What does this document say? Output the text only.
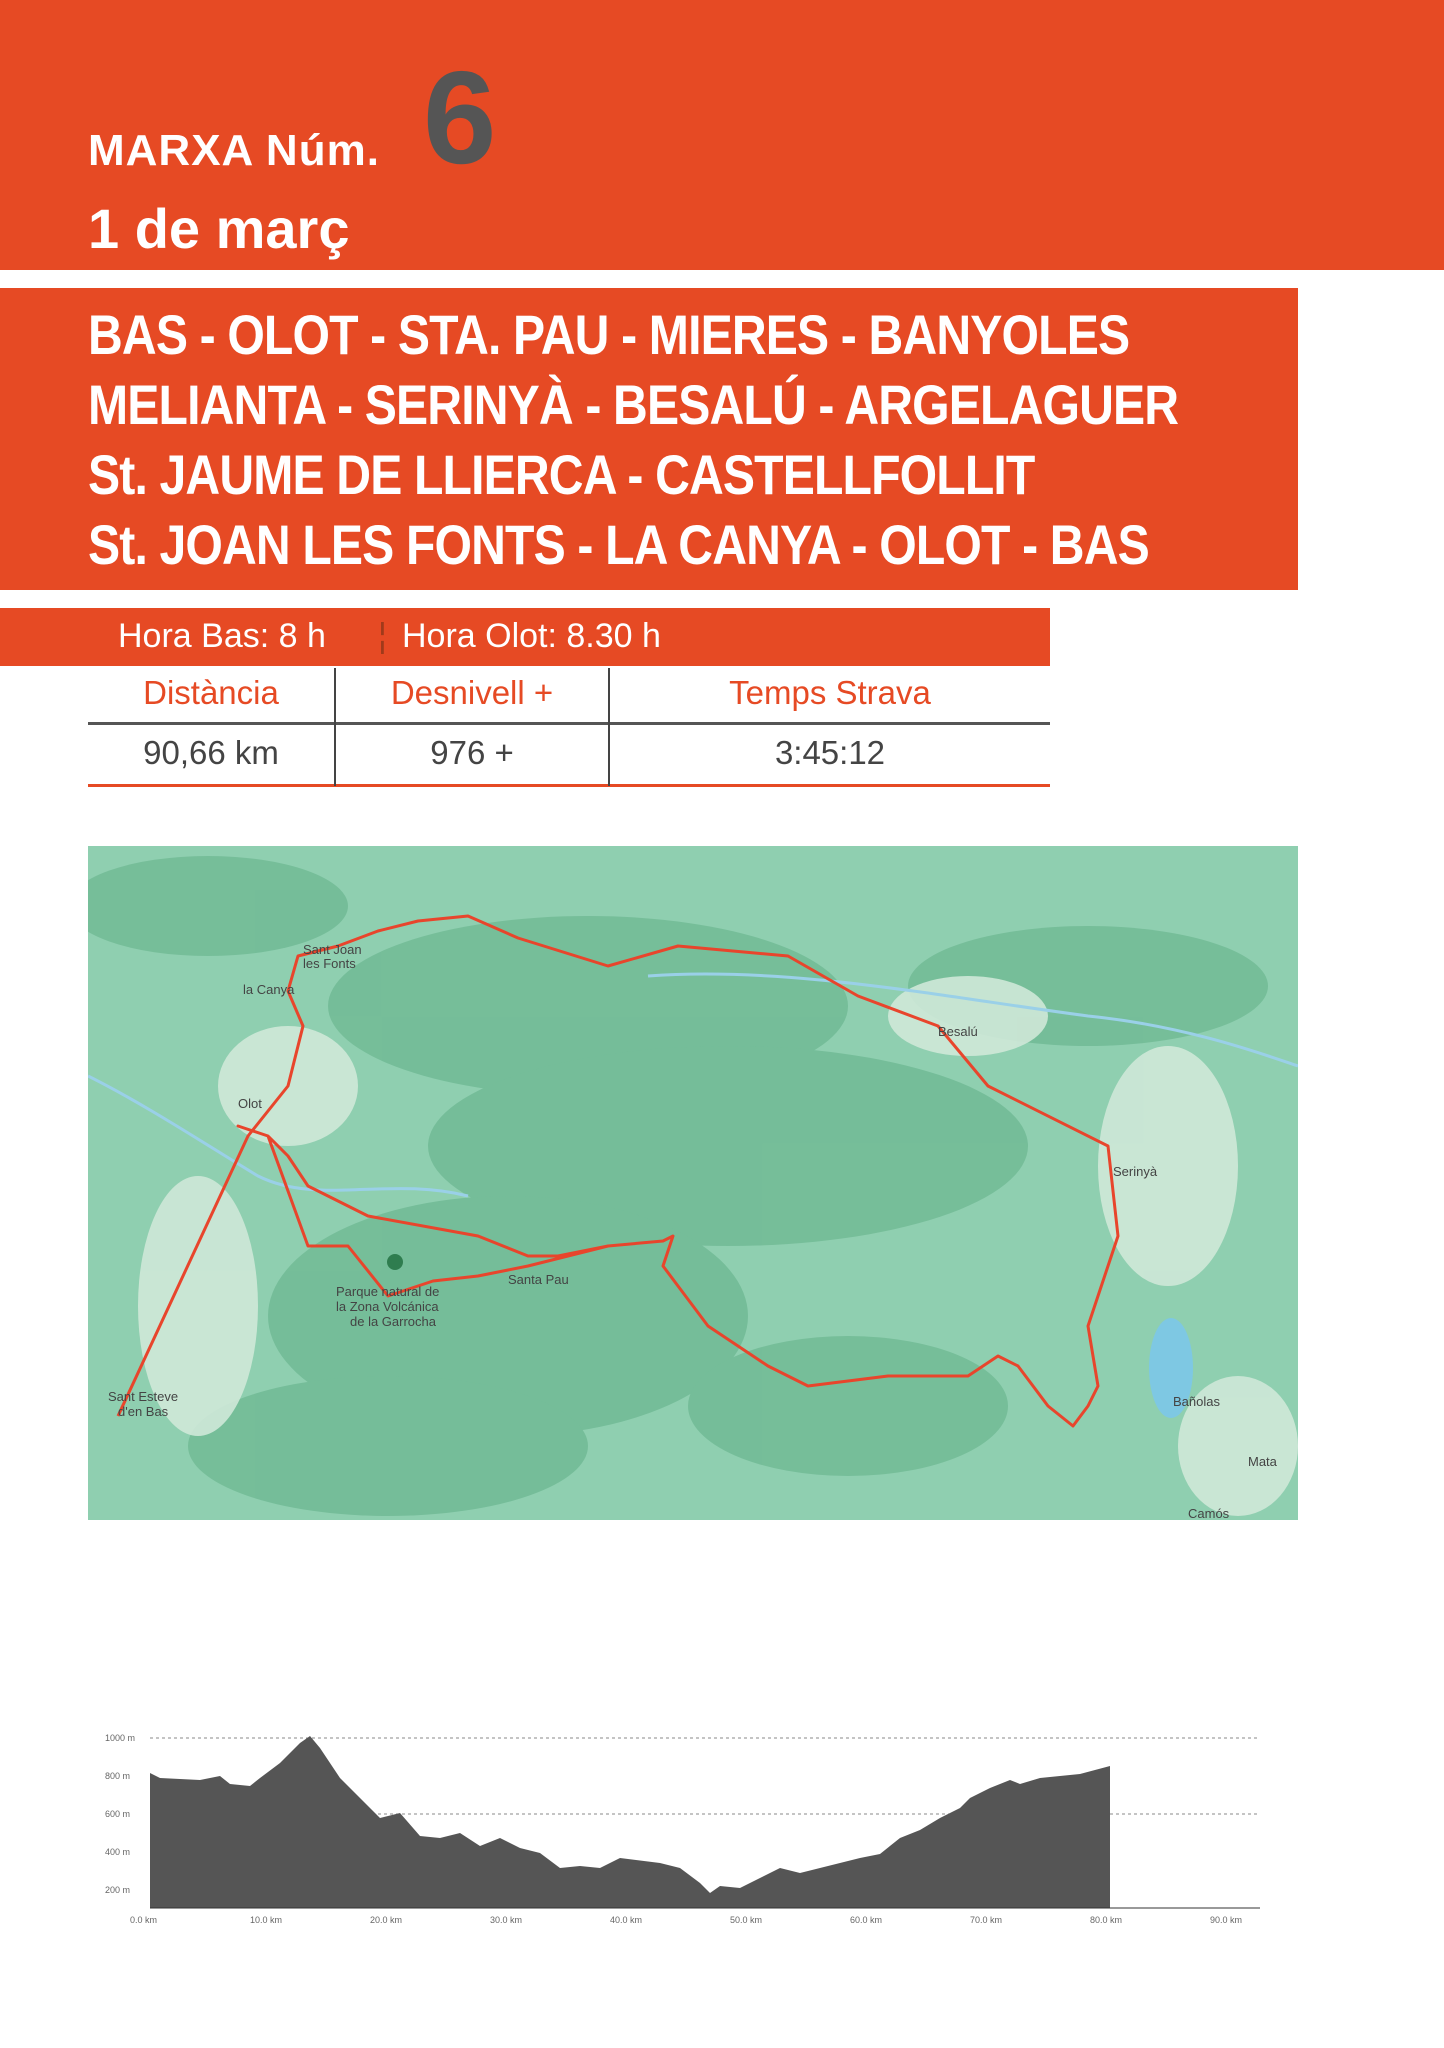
MARXA Núm. 6
1 de març
BAS - OLOT - STA. PAU - MIERES - BANYOLES
MELIANTA - SERINYÀ - BESALÚ - ARGELAGUER
St. JAUME DE LLIERCA - CASTELLFOLLIT
St. JOAN LES FONTS - LA CANYA - OLOT - BAS
Hora Bas: 8 h ¦ Hora Olot: 8.30 h
Distància	Desnivell +	Temps Strava
90,66 km	976 +	3:45:12
Sant Joan
les Fonts
la Canya
Olot
Besalú
Serinyà
Santa Pau
Parque natural de
la Zona Volcánica
de la Garrocha
Sant Esteve
d'en Bas
Bañolas
Mata
Camós
1000 m
800 m
600 m
400 m
200 m
0.0 km	10.0 km	20.0 km	30.0 km	40.0 km	50.0 km	60.0 km	70.0 km	80.0 km	90.0 km
